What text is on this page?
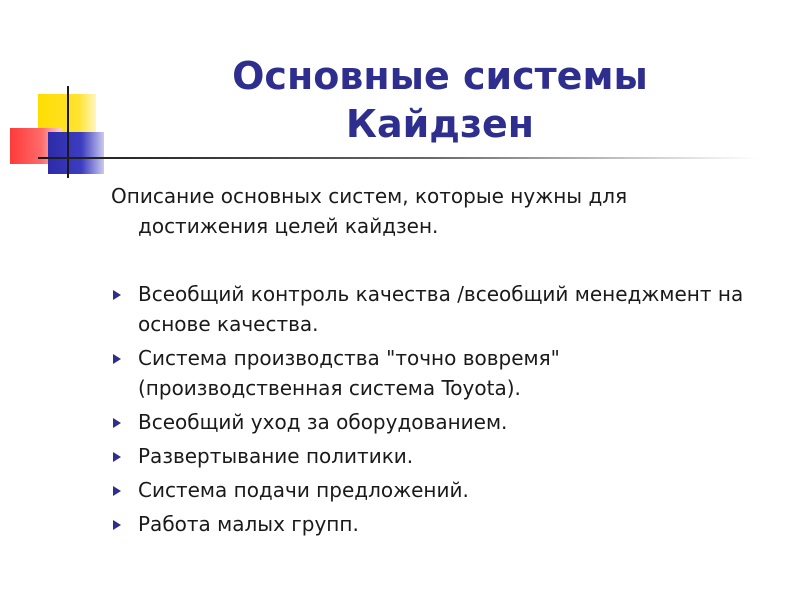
Основные системы
Кайдзен

Описание основных систем, которые нужны для достижения целей кайдзен.

Всеобщий контроль качества /всеобщий менеджмент на основе качества.
Система производства "точно вовремя" (производственная система Toyota).
Всеобщий уход за оборудованием.
Развертывание политики.
Система подачи предложений.
Работа малых групп.
